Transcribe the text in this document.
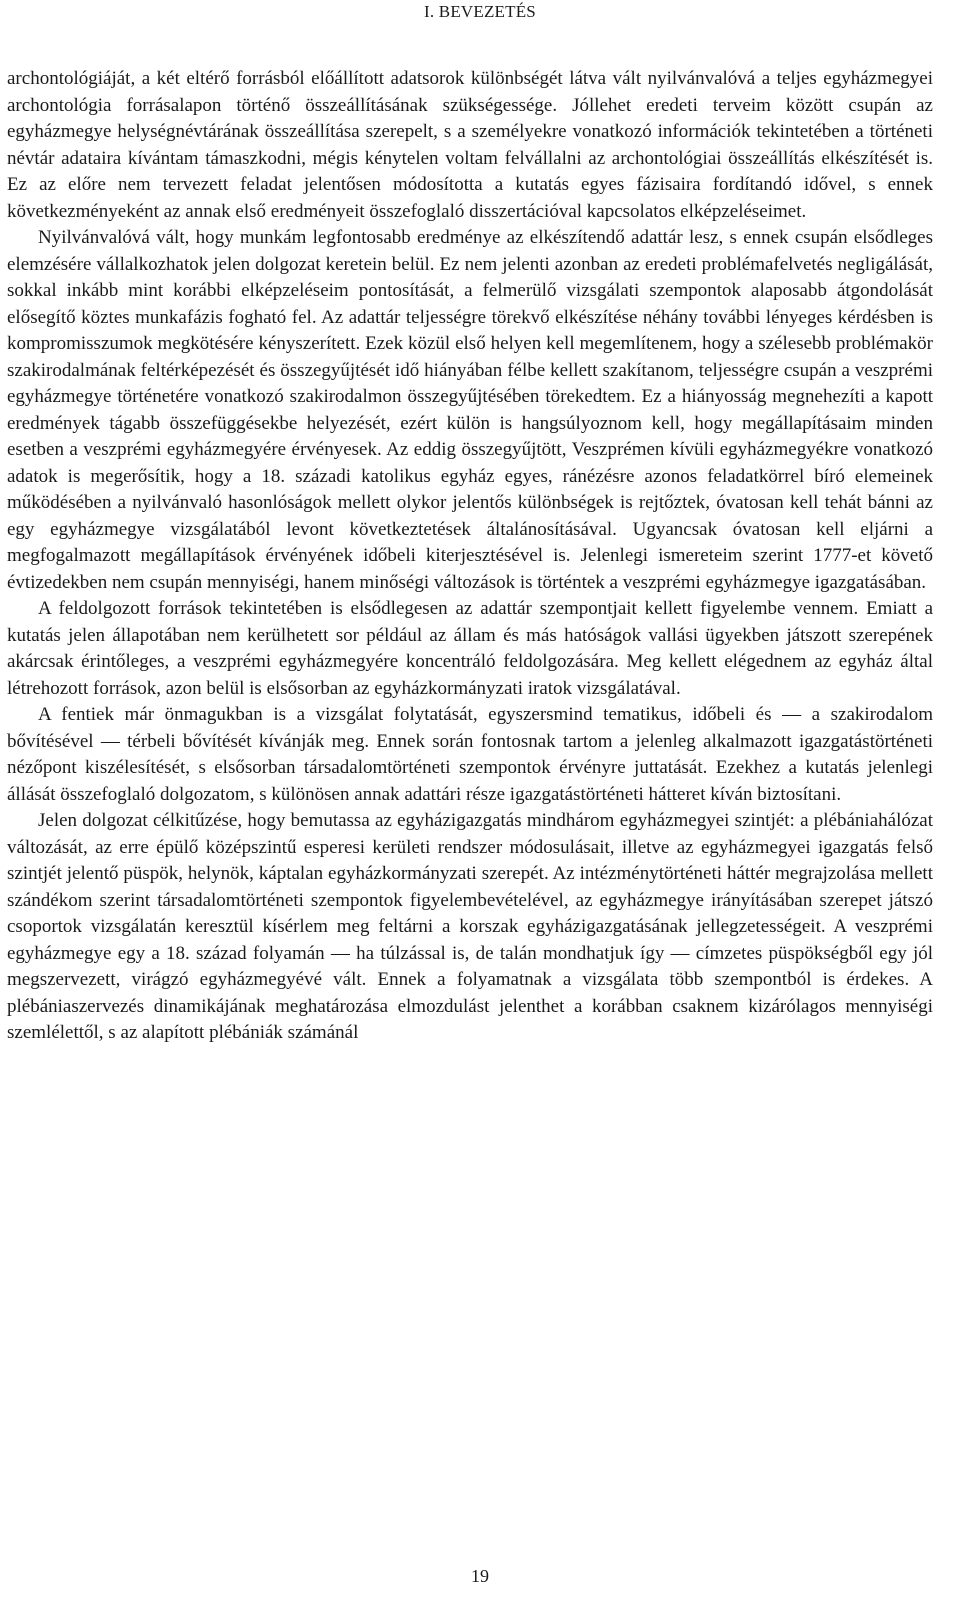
I. BEVEZETÉS

archontológiáját, a két eltérő forrásból előállított adatsorok különbségét látva vált nyilvánvalóvá a teljes egyházmegyei archontológia forrásalapon történő összeállításának szükségessége. Jóllehet eredeti terveim között csupán az egyházmegye helységnévtárának összeállítása szerepelt, s a személyekre vonatkozó információk tekintetében a történeti névtár adataira kívántam támaszkodni, mégis kénytelen voltam felvállalni az archontológiai összeállítás elkészítését is. Ez az előre nem tervezett feladat jelentősen módosította a kutatás egyes fázisaira fordítandó idővel, s ennek következményeként az annak első eredményeit összefoglaló disszertációval kapcsolatos elképzeléseimet.

Nyilvánvalóvá vált, hogy munkám legfontosabb eredménye az elkészítendő adattár lesz, s ennek csupán elsődleges elemzésére vállalkozhatok jelen dolgozat keretein belül. Ez nem jelenti azonban az eredeti problémafelvetés negligálását, sokkal inkább mint korábbi elképzeléseim pontosítását, a felmerülő vizsgálati szempontok alaposabb átgondolását elősegítő köztes munkafázis fogható fel. Az adattár teljességre törekvő elkészítése néhány további lényeges kérdésben is kompromisszumok megkötésére kényszerített. Ezek közül első helyen kell megemlítenem, hogy a szélesebb problémakör szakirodalmának feltérképezését és összegyűjtését idő hiányában félbe kellett szakítanom, teljességre csupán a veszprémi egyházmegye történetére vonatkozó szakirodalmon összegyűjtésében törekedtem. Ez a hiányosság megnehezíti a kapott eredmények tágabb összefüggésekbe helyezését, ezért külön is hangsúlyoznom kell, hogy megállapításaim minden esetben a veszprémi egyházmegyére érvényesek. Az eddig összegyűjtött, Veszprémen kívüli egyházmegyékre vonatkozó adatok is megerősítik, hogy a 18. századi katolikus egyház egyes, ránézésre azonos feladatkörrel bíró elemeinek működésében a nyilvánvaló hasonlóságok mellett olykor jelentős különbségek is rejtőztek, óvatosan kell tehát bánni az egy egyházmegye vizsgálatából levont következtetések általánosításával. Ugyancsak óvatosan kell eljárni a megfogalmazott megállapítások érvényének időbeli kiterjesztésével is. Jelenlegi ismereteim szerint 1777-et követő évtizedekben nem csupán mennyiségi, hanem minőségi változások is történtek a veszprémi egyházmegye igazgatásában.

A feldolgozott források tekintetében is elsődlegesen az adattár szempontjait kellett figyelembe vennem. Emiatt a kutatás jelen állapotában nem kerülhetett sor például az állam és más hatóságok vallási ügyekben játszott szerepének akárcsak érintőleges, a veszprémi egyházmegyére koncentráló feldolgozására. Meg kellett elégednem az egyház által létrehozott források, azon belül is elsősorban az egyházkormányzati iratok vizsgálatával.

A fentiek már önmagukban is a vizsgálat folytatását, egyszersmind tematikus, időbeli és — a szakirodalom bővítésével — térbeli bővítését kívánják meg. Ennek során fontosnak tartom a jelenleg alkalmazott igazgatástörténeti nézőpont kiszélesítését, s elsősorban társadalomtörténeti szempontok érvényre juttatását. Ezekhez a kutatás jelenlegi állását összefoglaló dolgozatom, s különösen annak adattári része igazgatástörténeti hátteret kíván biztosítani.

Jelen dolgozat célkitűzése, hogy bemutassa az egyházigazgatás mindhárom egyházmegyei szintjét: a plébániahálózat változását, az erre épülő középszintű esperesi kerületi rendszer módosulásait, illetve az egyházmegyei igazgatás felső szintjét jelentő püspök, helynök, káptalan egyházkormányzati szerepét. Az intézménytörténeti háttér megrajzolása mellett szándékom szerint társadalomtörténeti szempontok figyelembevételével, az egyházmegye irányításában szerepet játszó csoportok vizsgálatán keresztül kísérlem meg feltárni a korszak egyházigazgatásának jellegzetességeit. A veszprémi egyházmegye egy a 18. század folyamán — ha túlzással is, de talán mondhatjuk így — címzetes püspökségből egy jól megszervezett, virágzó egyházmegyévé vált. Ennek a folyamatnak a vizsgálata több szempontból is érdekes. A plébániaszervezés dinamikájának meghatározása elmozdulást jelenthet a korábban csaknem kizárólagos mennyiségi szemlélettől, s az alapított plébániák számánál

19
